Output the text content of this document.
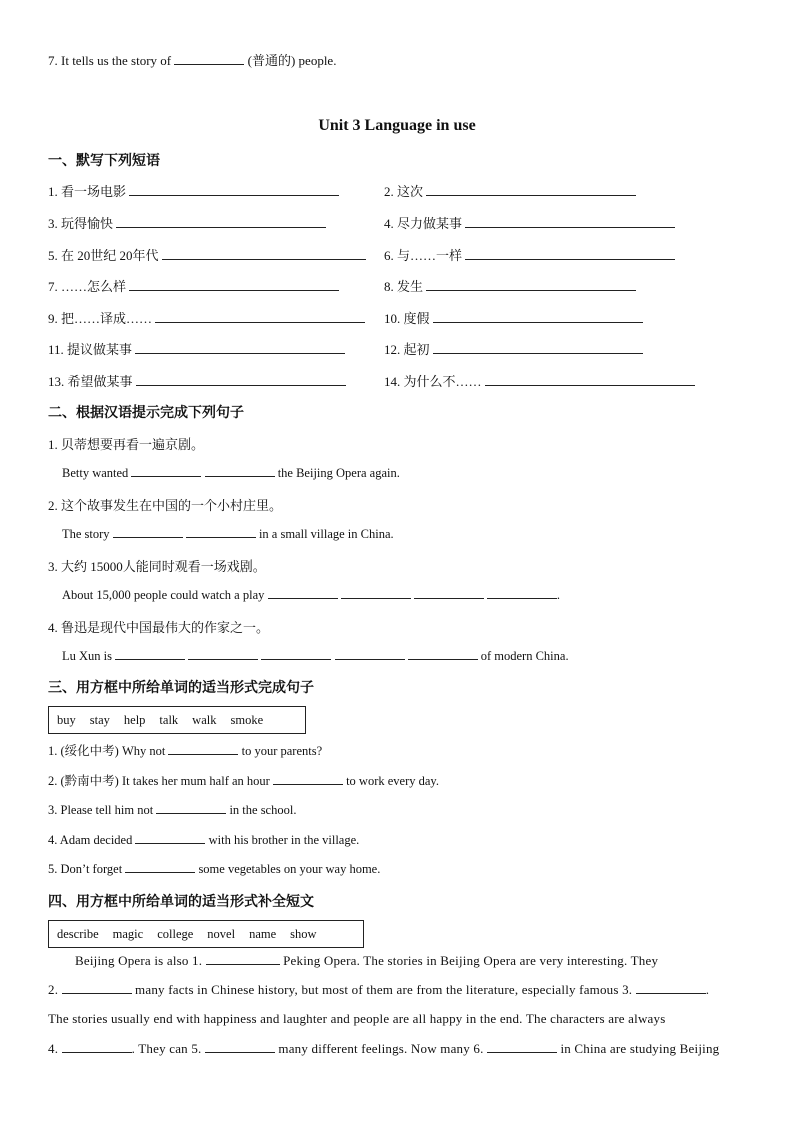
7. It tells us the story of	(普通的) people.
Unit 3 Language in use
一、默写下列短语
1. 看一场电影	2. 这次
3. 玩得愉快	4. 尽力做某事
5. 在 20世纪 20年代	6. 与……一样
7. ……怎么样	8. 发生
9. 把……译成……	10. 度假
11. 提议做某事	12. 起初
13. 希望做某事	14. 为什么不……
二、根据汉语提示完成下列句子
1. 贝蒂想要再看一遍京剧。
Betty wanted	the Beijing Opera again.
2. 这个故事发生在中国的一个小村庄里。
The story	in a small village in China.
3. 大约 15000人能同时观看一场戏剧。
About 15,000 people could watch a play	.
4. 鲁迅是现代中国最伟大的作家之一。
Lu Xun is	of modern China.
三、用方框中所给单词的适当形式完成句子
buy stay help talk walk smoke
1. (绥化中考) Why not	to your parents?
2. (黔南中考) It takes her mum half an hour	to work every day.
3. Please tell him not	in the school.
4. Adam decided	with his brother in the village.
5. Don’t forget	some vegetables on your way home.
四、用方框中所给单词的适当形式补全短文
describe magic college novel name show
Beijing Opera is also 1.	Peking Opera. The stories in Beijing Opera are very interesting. They
2.	many facts in Chinese history, but most of them are from the literature, especially famous 3.	.
The stories usually end with happiness and laughter and people are all happy in the end. The characters are always
4.	. They can 5.	many different feelings. Now many 6.	in China are studying Beijing
